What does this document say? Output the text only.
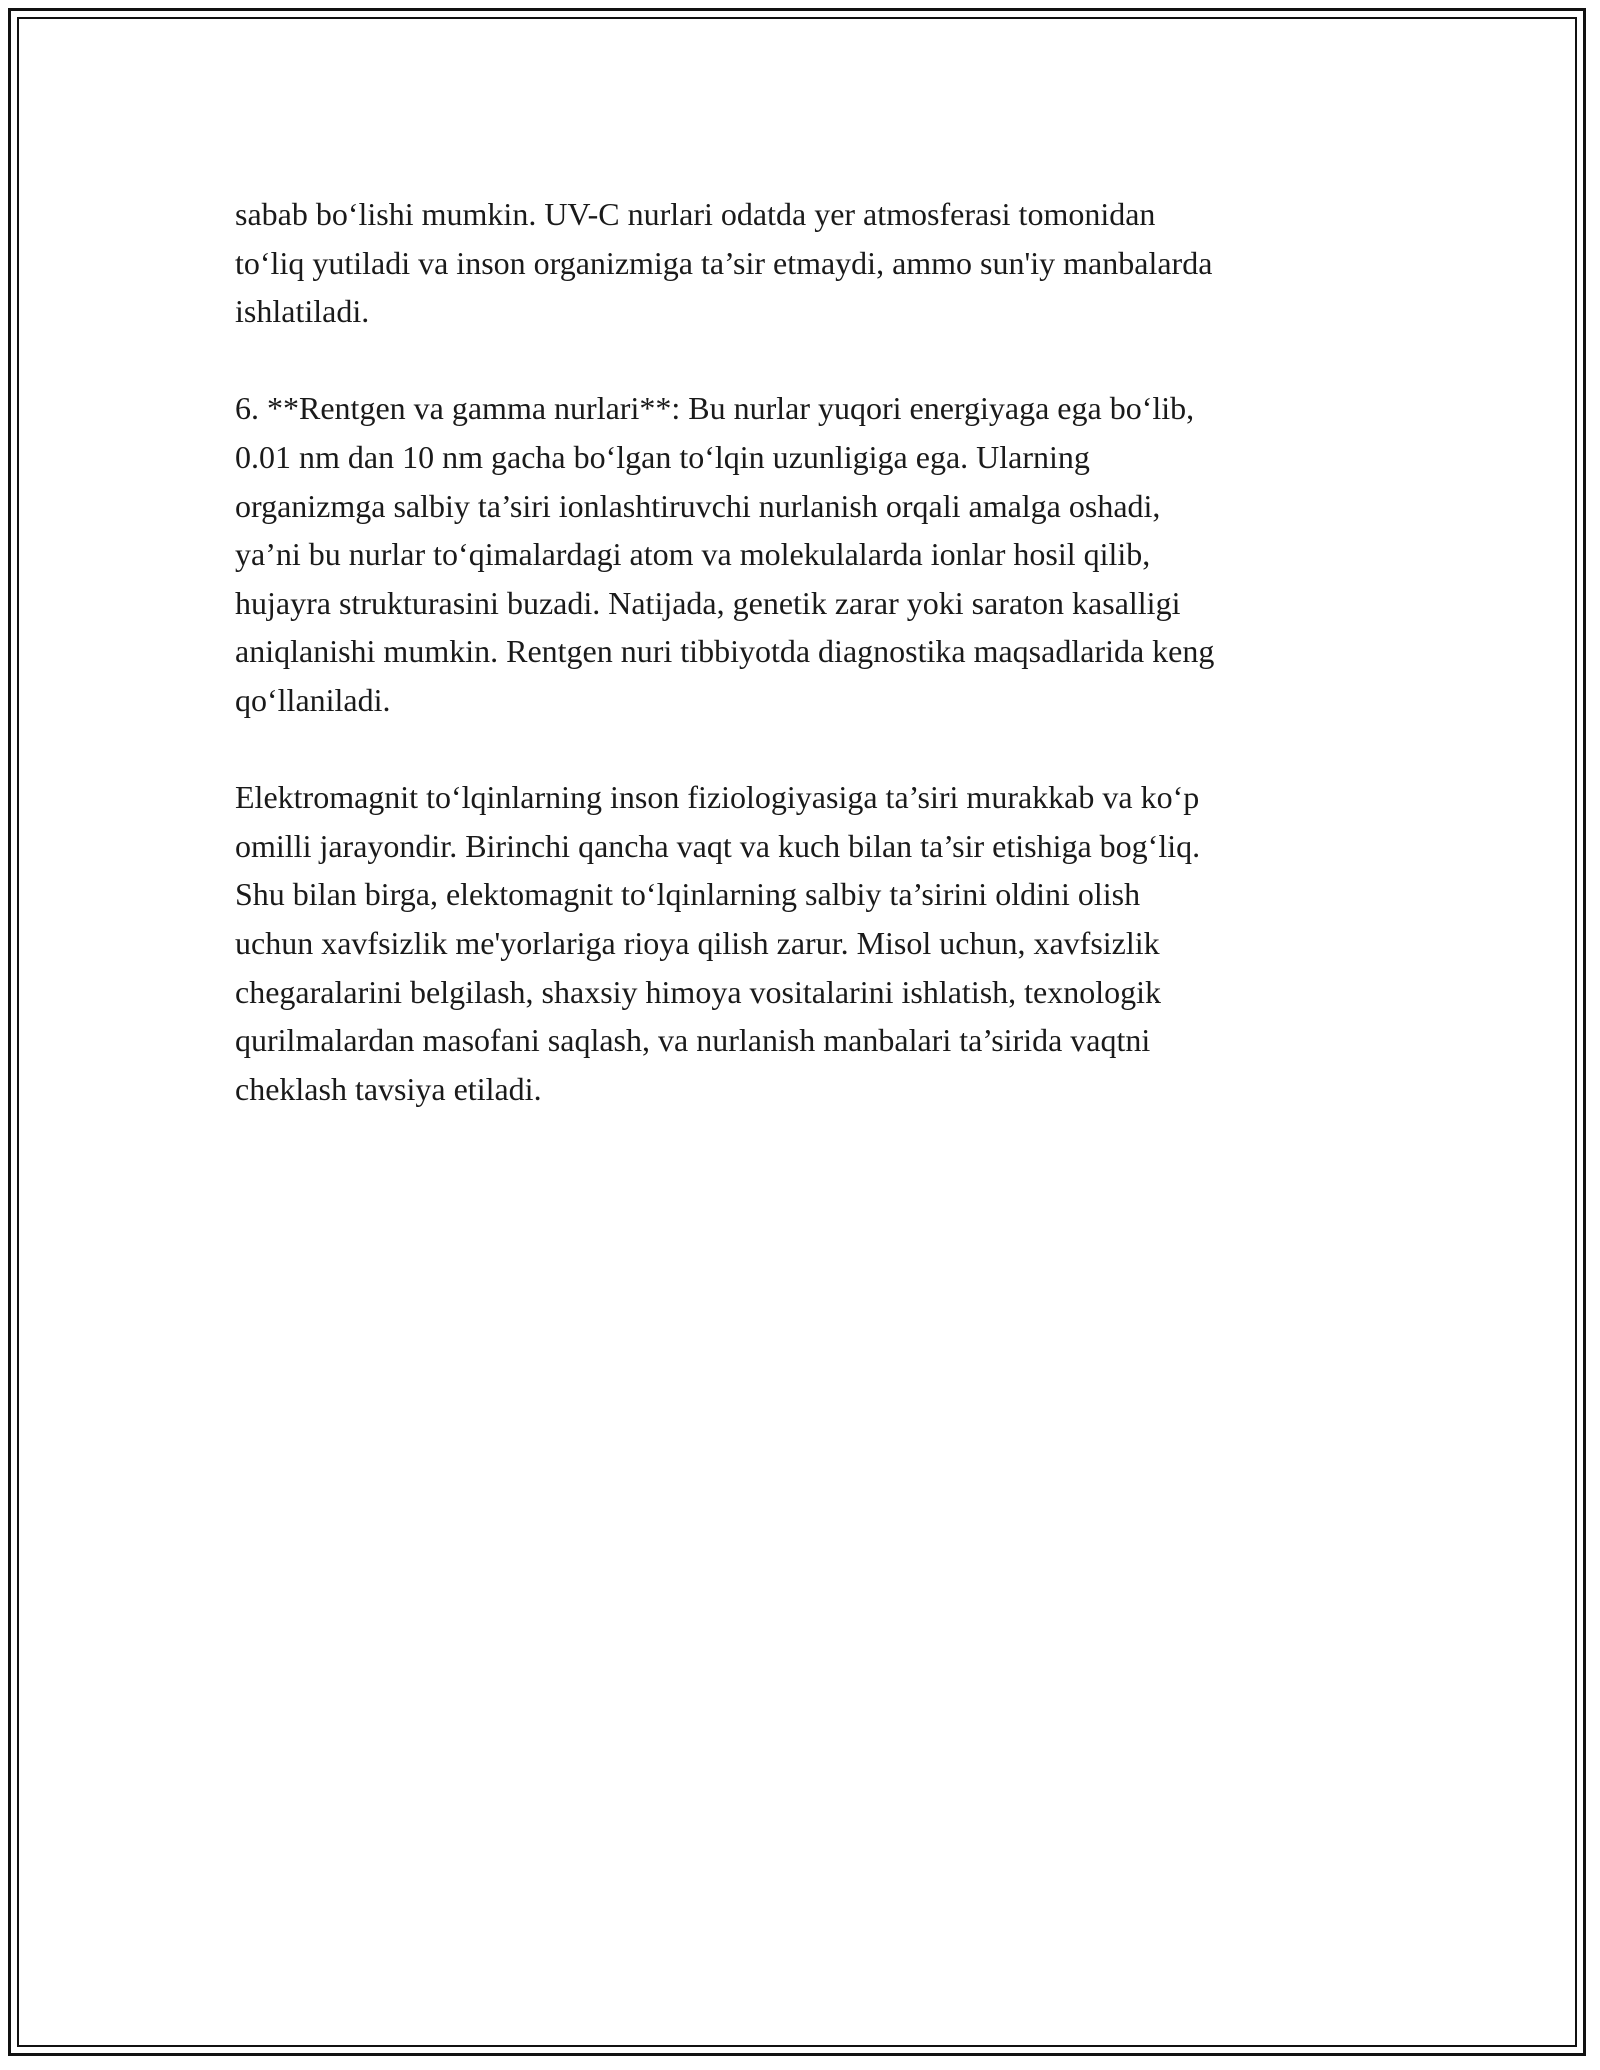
sabab bo‘lishi mumkin. UV-C nurlari odatda yer atmosferasi tomonidan
to‘liq yutiladi va inson organizmiga ta’sir etmaydi, ammo sun'iy manbalarda
ishlatiladi.

6. **Rentgen va gamma nurlari**: Bu nurlar yuqori energiyaga ega bo‘lib,
0.01 nm dan 10 nm gacha bo‘lgan to‘lqin uzunligiga ega. Ularning
organizmga salbiy ta’siri ionlashtiruvchi nurlanish orqali amalga oshadi,
ya’ni bu nurlar to‘qimalardagi atom va molekulalarda ionlar hosil qilib,
hujayra strukturasini buzadi. Natijada, genetik zarar yoki saraton kasalligi
aniqlanishi mumkin. Rentgen nuri tibbiyotda diagnostika maqsadlarida keng
qo‘llaniladi.

Elektromagnit to‘lqinlarning inson fiziologiyasiga ta’siri murakkab va ko‘p
omilli jarayondir. Birinchi qancha vaqt va kuch bilan ta’sir etishiga bog‘liq.
Shu bilan birga, elektomagnit to‘lqinlarning salbiy ta’sirini oldini olish
uchun xavfsizlik me'yorlariga rioya qilish zarur. Misol uchun, xavfsizlik
chegaralarini belgilash, shaxsiy himoya vositalarini ishlatish, texnologik
qurilmalardan masofani saqlash, va nurlanish manbalari ta’sirida vaqtni
cheklash tavsiya etiladi.
